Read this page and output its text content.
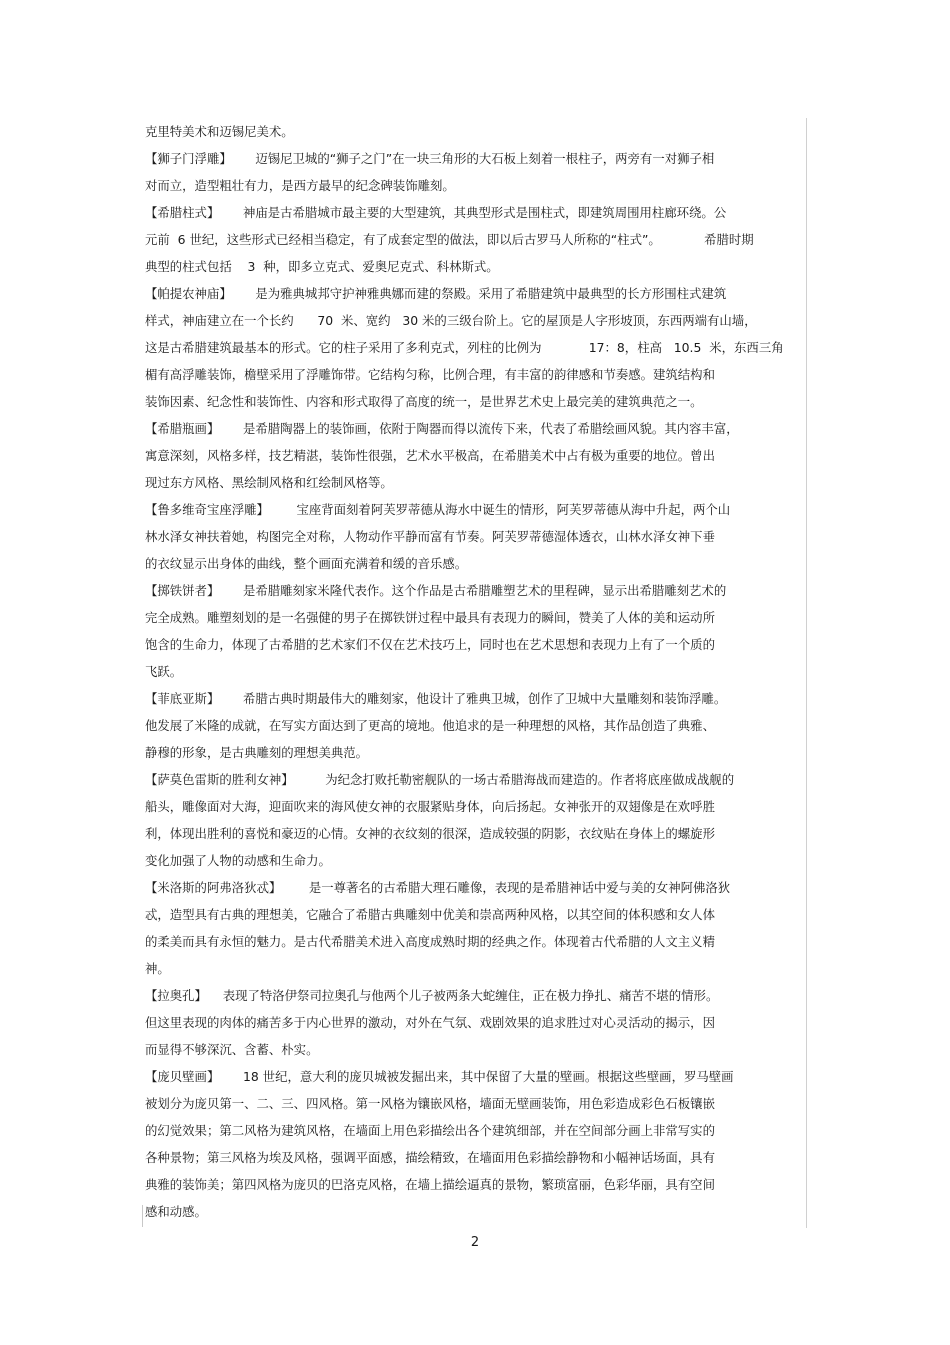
克里特美术和迈锡尼美术。
【狮子门浮雕】      迈锡尼卫城的“狮子之门”在一块三角形的大石板上刻着一根柱子，两旁有一对狮子相
对而立，造型粗壮有力，是西方最早的纪念碑装饰雕刻。
【希腊柱式】      神庙是古希腊城市最主要的大型建筑，其典型形式是围柱式，即建筑周围用柱廊环绕。公
元前  6 世纪，这些形式已经相当稳定，有了成套定型的做法，即以后古罗马人所称的“柱式”。           希腊时期
典型的柱式包括    3  种，即多立克式、爱奥尼克式、科林斯式。
【帕提农神庙】      是为雅典城邦守护神雅典娜而建的祭殿。采用了希腊建筑中最典型的长方形围柱式建筑
样式，神庙建立在一个长约      70  米、宽约   30 米的三级台阶上。它的屋顶是人字形坡顶，东西两端有山墙，
这是古希腊建筑最基本的形式。它的柱子采用了多利克式，列柱的比例为            17：8，柱高   10.5  米，东西三角
楣有高浮雕装饰，檐壁采用了浮雕饰带。它结构匀称，比例合理，有丰富的韵律感和节奏感。建筑结构和
装饰因素、纪念性和装饰性、内容和形式取得了高度的统一，是世界艺术史上最完美的建筑典范之一。
【希腊瓶画】      是希腊陶器上的装饰画，依附于陶器而得以流传下来，代表了希腊绘画风貌。其内容丰富，
寓意深刻，风格多样，技艺精湛，装饰性很强，艺术水平极高，在希腊美术中占有极为重要的地位。曾出
现过东方风格、黑绘制风格和红绘制风格等。
【鲁多维奇宝座浮雕】       宝座背面刻着阿芙罗蒂德从海水中诞生的情形，阿芙罗蒂德从海中升起，两个山
林水泽女神扶着她，构图完全对称，人物动作平静而富有节奏。阿芙罗蒂德湿体透衣，山林水泽女神下垂
的衣纹显示出身体的曲线，整个画面充满着和缓的音乐感。
【掷铁饼者】      是希腊雕刻家米隆代表作。这个作品是古希腊雕塑艺术的里程碑，显示出希腊雕刻艺术的
完全成熟。雕塑刻划的是一名强健的男子在掷铁饼过程中最具有表现力的瞬间，赞美了人体的美和运动所
饱含的生命力，体现了古希腊的艺术家们不仅在艺术技巧上，同时也在艺术思想和表现力上有了一个质的
飞跃。
【菲底亚斯】      希腊古典时期最伟大的雕刻家，他设计了雅典卫城，创作了卫城中大量雕刻和装饰浮雕。
他发展了米隆的成就，在写实方面达到了更高的境地。他追求的是一种理想的风格，其作品创造了典雅、
静穆的形象，是古典雕刻的理想美典范。
【萨莫色雷斯的胜利女神】        为纪念打败托勒密舰队的一场古希腊海战而建造的。作者将底座做成战舰的
船头，雕像面对大海，迎面吹来的海风使女神的衣服紧贴身体，向后扬起。女神张开的双翅像是在欢呼胜
利，体现出胜利的喜悦和豪迈的心情。女神的衣纹刻的很深，造成较强的阴影，衣纹贴在身体上的螺旋形
变化加强了人物的动感和生命力。
【米洛斯的阿弗洛狄忒】       是一尊著名的古希腊大理石雕像，表现的是希腊神话中爱与美的女神阿佛洛狄
忒，造型具有古典的理想美，它融合了希腊古典雕刻中优美和崇高两种风格，以其空间的体积感和女人体
的柔美而具有永恒的魅力。是古代希腊美术进入高度成熟时期的经典之作。体现着古代希腊的人文主义精
神。
【拉奥孔】    表现了特洛伊祭司拉奥孔与他两个儿子被两条大蛇缠住，正在极力挣扎、痛苦不堪的情形。
但这里表现的肉体的痛苦多于内心世界的激动，对外在气氛、戏剧效果的追求胜过对心灵活动的揭示，因
而显得不够深沉、含蓄、朴实。
【庞贝壁画】      18 世纪，意大利的庞贝城被发掘出来，其中保留了大量的壁画。根据这些壁画，罗马壁画
被划分为庞贝第一、二、三、四风格。第一风格为镶嵌风格，墙面无壁画装饰，用色彩造成彩色石板镶嵌
的幻觉效果；第二风格为建筑风格，在墙面上用色彩描绘出各个建筑细部，并在空间部分画上非常写实的
各种景物；第三风格为埃及风格，强调平面感，描绘精致，在墙面用色彩描绘静物和小幅神话场面，具有
典雅的装饰美；第四风格为庞贝的巴洛克风格，在墙上描绘逼真的景物，繁琐富丽，色彩华丽，具有空间
感和动感。
2
